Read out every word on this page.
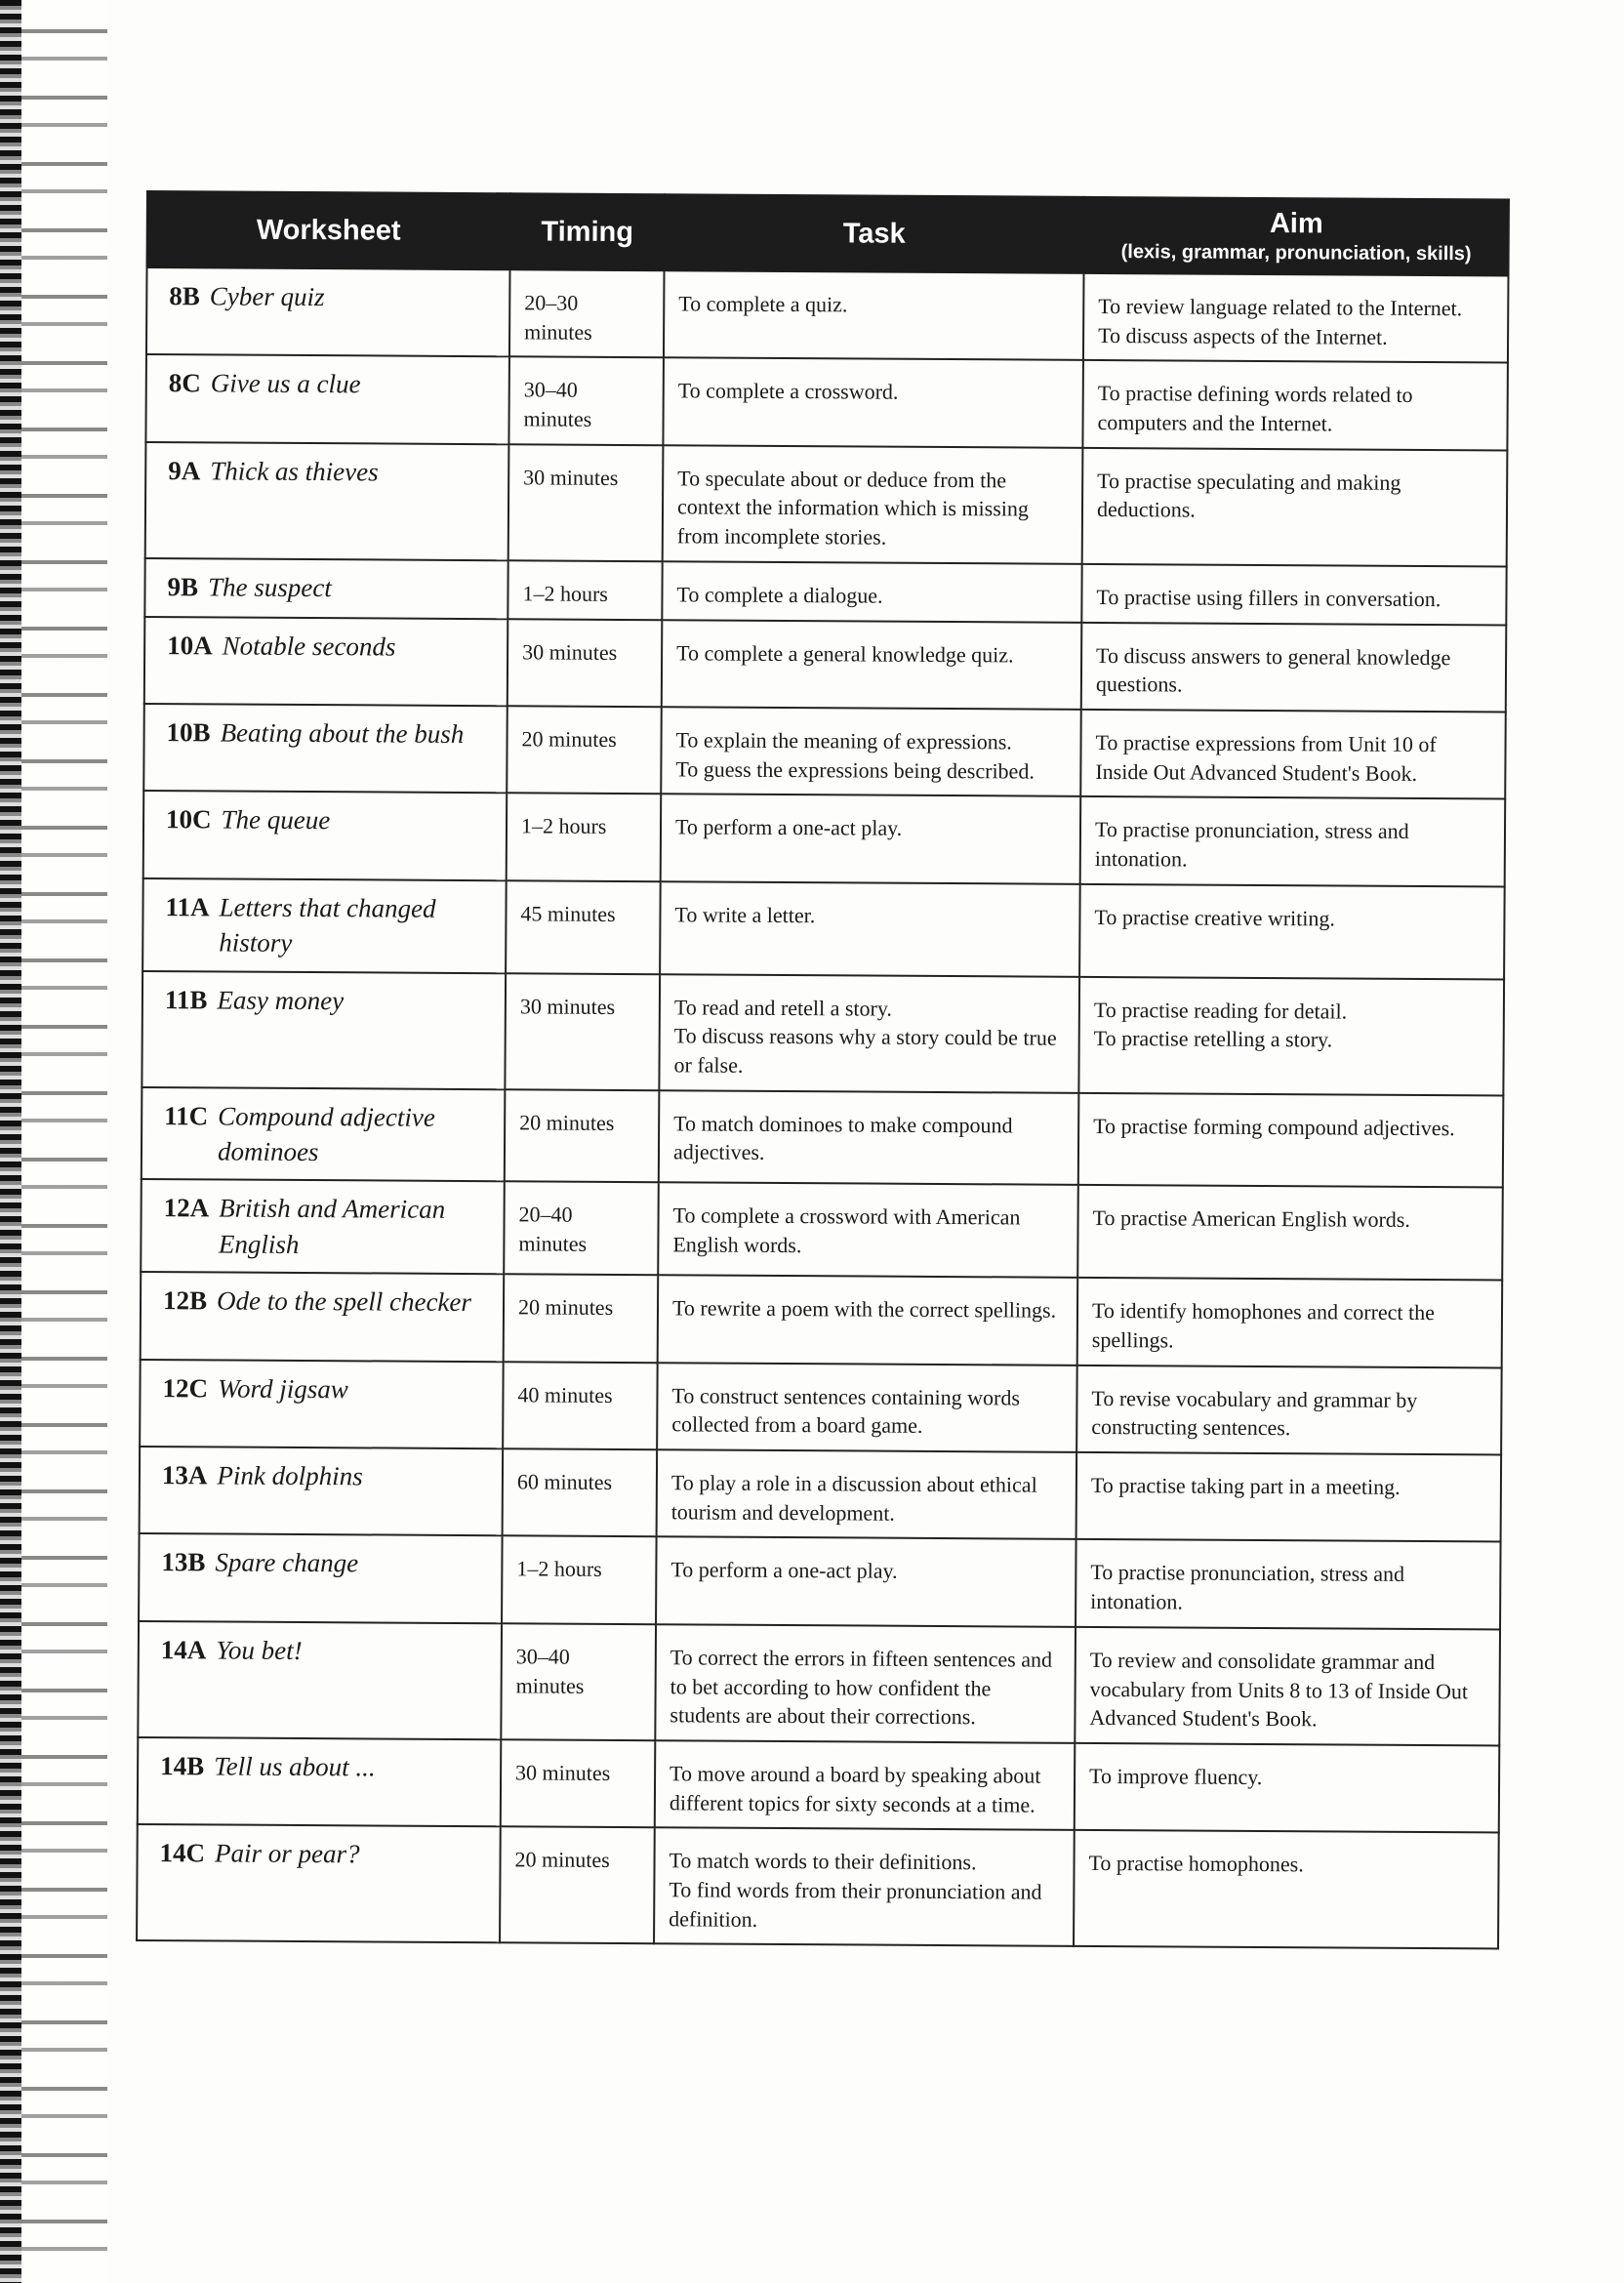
Worksheet	Timing	Task	Aim
(lexis, grammar, pronunciation, skills)

8B Cyber quiz	20–30 minutes	To complete a quiz.	To review language related to the Internet.
To discuss aspects of the Internet.

8C Give us a clue	30–40 minutes	To complete a crossword.	To practise defining words related to computers and the Internet.

9A Thick as thieves	30 minutes	To speculate about or deduce from the context the information which is missing from incomplete stories.	To practise speculating and making deductions.

9B The suspect	1–2 hours	To complete a dialogue.	To practise using fillers in conversation.

10A Notable seconds	30 minutes	To complete a general knowledge quiz.	To discuss answers to general knowledge questions.

10B Beating about the bush	20 minutes	To explain the meaning of expressions.
To guess the expressions being described.	To practise expressions from Unit 10 of Inside Out Advanced Student's Book.

10C The queue	1–2 hours	To perform a one-act play.	To practise pronunciation, stress and intonation.

11A Letters that changed history	45 minutes	To write a letter.	To practise creative writing.

11B Easy money	30 minutes	To read and retell a story.
To discuss reasons why a story could be true or false.	To practise reading for detail.
To practise retelling a story.

11C Compound adjective dominoes	20 minutes	To match dominoes to make compound adjectives.	To practise forming compound adjectives.

12A British and American English	20–40 minutes	To complete a crossword with American English words.	To practise American English words.

12B Ode to the spell checker	20 minutes	To rewrite a poem with the correct spellings.	To identify homophones and correct the spellings.

12C Word jigsaw	40 minutes	To construct sentences containing words collected from a board game.	To revise vocabulary and grammar by constructing sentences.

13A Pink dolphins	60 minutes	To play a role in a discussion about ethical tourism and development.	To practise taking part in a meeting.

13B Spare change	1–2 hours	To perform a one-act play.	To practise pronunciation, stress and intonation.

14A You bet!	30–40 minutes	To correct the errors in fifteen sentences and to bet according to how confident the students are about their corrections.	To review and consolidate grammar and vocabulary from Units 8 to 13 of Inside Out Advanced Student's Book.

14B Tell us about ...	30 minutes	To move around a board by speaking about different topics for sixty seconds at a time.	To improve fluency.

14C Pair or pear?	20 minutes	To match words to their definitions.
To find words from their pronunciation and definition.	To practise homophones.
